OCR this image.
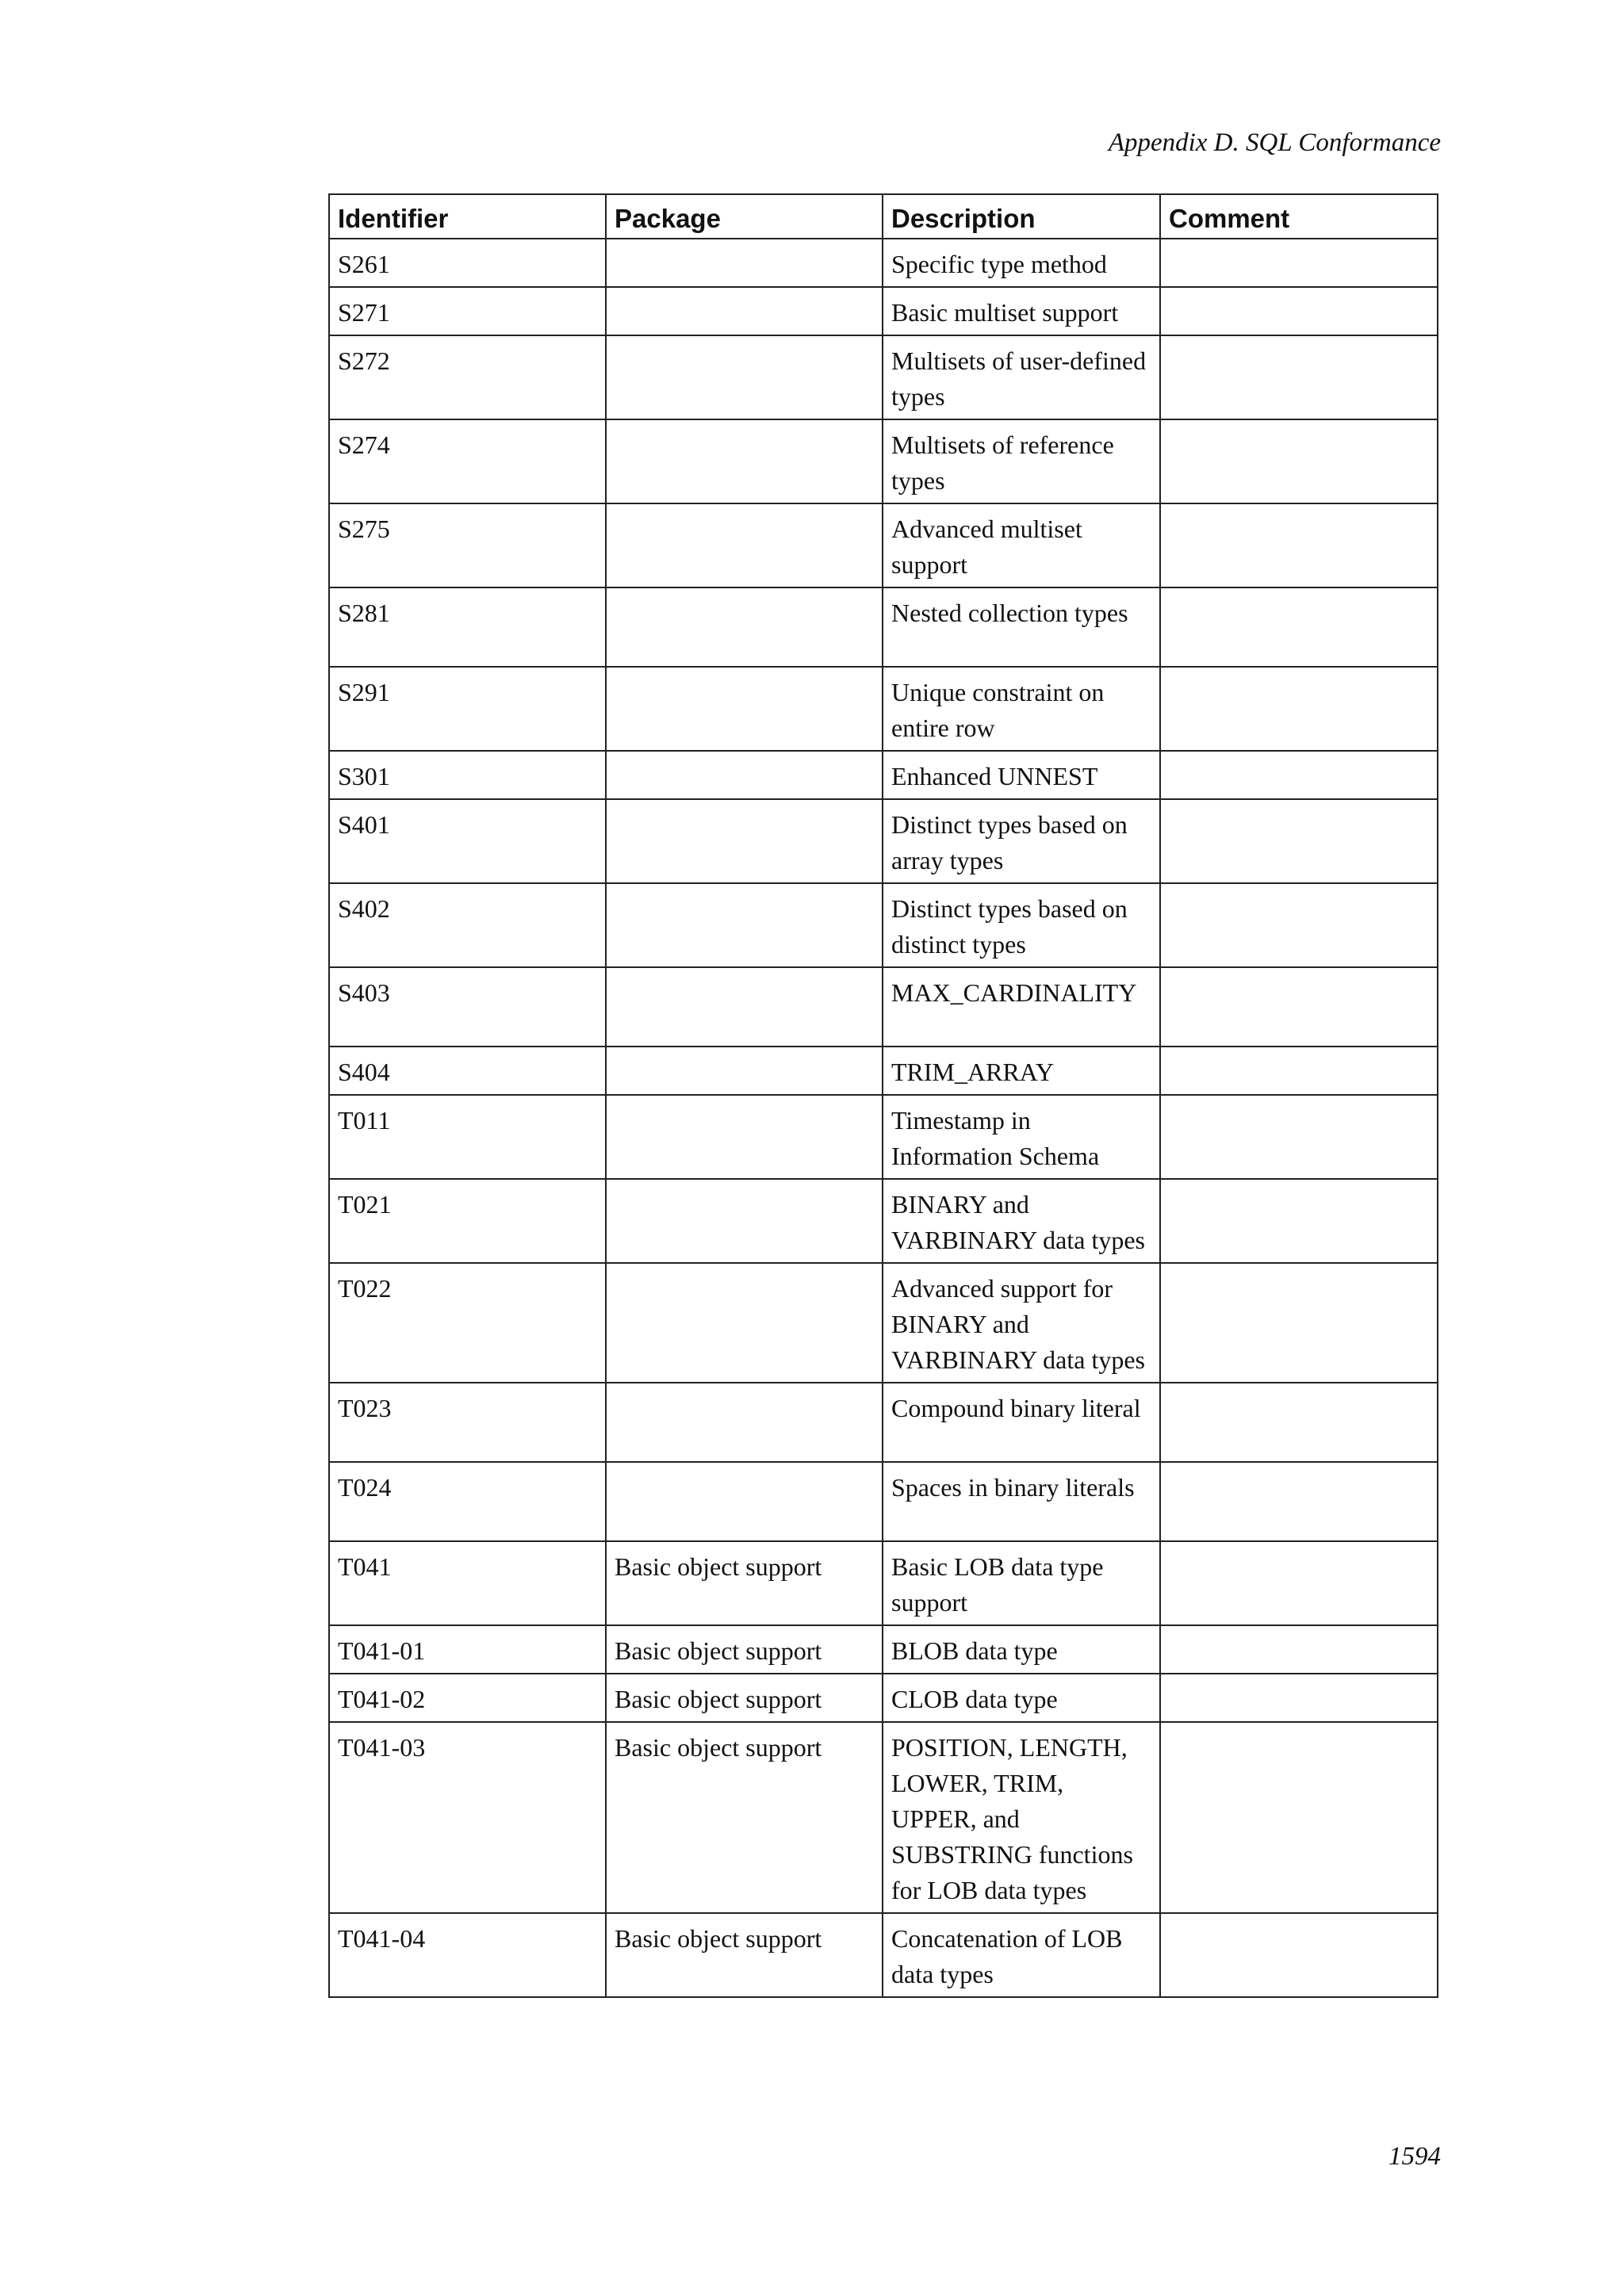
Appendix D. SQL Conformance
Identifier	Package	Description	Comment
S261		Specific type method	
S271		Basic multiset support	
S272		Multisets of user-defined types	
S274		Multisets of reference types	
S275		Advanced multiset support	
S281		Nested collection types	
S291		Unique constraint on entire row	
S301		Enhanced UNNEST	
S401		Distinct types based on array types	
S402		Distinct types based on distinct types	
S403		MAX_CARDINALITY	
S404		TRIM_ARRAY	
T011		Timestamp in Information Schema	
T021		BINARY and VARBINARY data types	
T022		Advanced support for BINARY and VARBINARY data types	
T023		Compound binary literal	
T024		Spaces in binary literals	
T041	Basic object support	Basic LOB data type support	
T041-01	Basic object support	BLOB data type	
T041-02	Basic object support	CLOB data type	
T041-03	Basic object support	POSITION, LENGTH, LOWER, TRIM, UPPER, and SUBSTRING functions for LOB data types	
T041-04	Basic object support	Concatenation of LOB data types	
1594
